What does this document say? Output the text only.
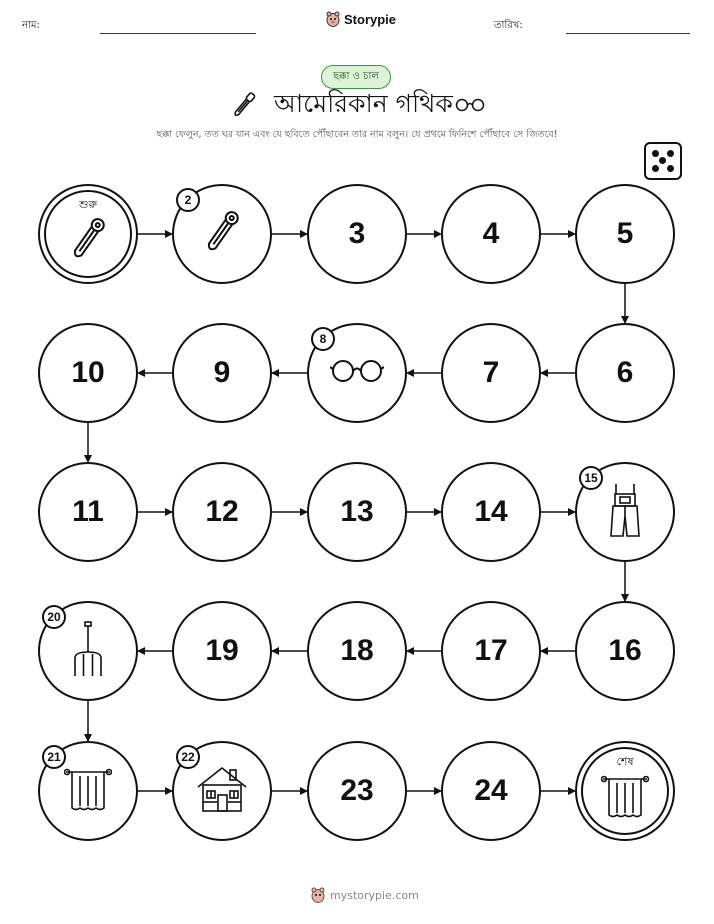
নাম:	Storypie	তারিখ:
ছক্কা ও চাল
আমেরিকান গথিক
ছক্কা ফেলুন, তত ঘর যান এবং যে ছবিতে পৌঁছাবেন তার নাম বলুন। যে প্রথমে ফিনিশে পৌঁছাবে সে জিতবে!
শুরু	2
3	4	5
6
7
8
9
10
11	12	13	14
15
16
17
18
19
20
21	22
23	24
শেষ
mystorypie.com
